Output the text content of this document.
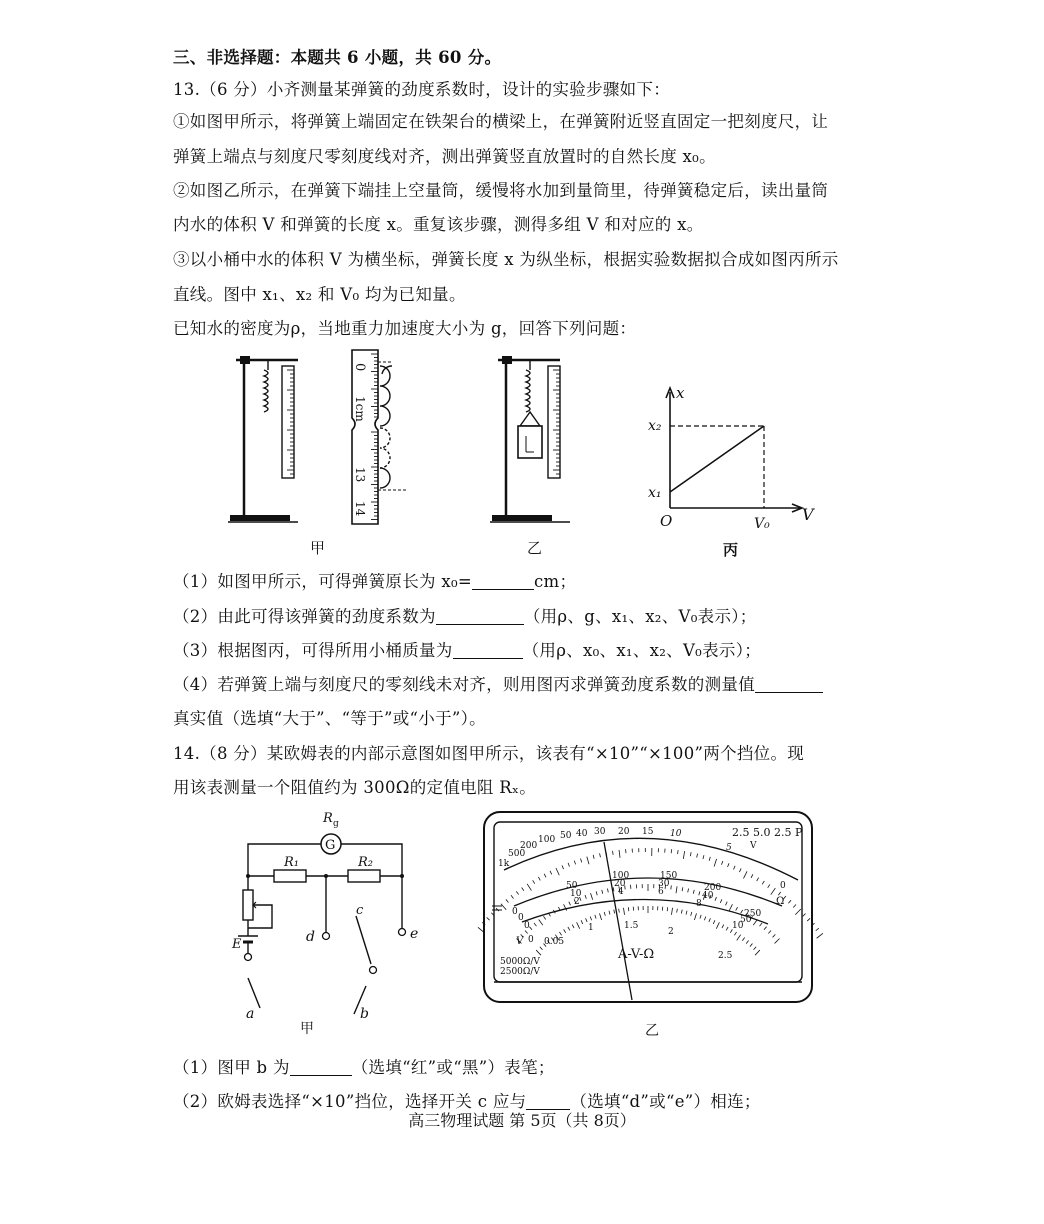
三、非选择题：本题共 6 小题，共 60 分。
13.（6 分）小齐测量某弹簧的劲度系数时，设计的实验步骤如下：
①如图甲所示，将弹簧上端固定在铁架台的横梁上，在弹簧附近竖直固定一把刻度尺，让
弹簧上端点与刻度尺零刻度线对齐，测出弹簧竖直放置时的自然长度 x₀。
②如图乙所示，在弹簧下端挂上空量筒，缓慢将水加到量筒里，待弹簧稳定后，读出量筒
内水的体积 V 和弹簧的长度 x。重复该步骤，测得多组 V 和对应的 x。
③以小桶中水的体积 V 为横坐标，弹簧长度 x 为纵坐标，根据实验数据拟合成如图丙所示
直线。图中 x₁、x₂ 和 V₀ 均为已知量。
已知水的密度为ρ，当地重力加速度大小为 g，回答下列问题：
甲
0
1cm
13
14
乙
x
V
x₂
x₁
O	V₀
丙
（1）如图甲所示，可得弹簧原长为 x₀=	cm；
（2）由此可得该弹簧的劲度系数为	（用ρ、g、x₁、x₂、V₀表示）；
（3）根据图丙，可得所用小桶质量为	（用ρ、x₀、x₁、x₂、V₀表示）；
（4）若弹簧上端与刻度尺的零刻线未对齐，则用图丙求弹簧劲度系数的测量值
真实值（选填“大于”、“等于”或“小于”）。
14.（8 分）某欧姆表的内部示意图如图甲所示，该表有“×10”“×100”两个挡位。现
用该表测量一个阻值约为 300Ω的定值电阻 Rₓ。
R g
G
R₁	R₂
E
a
d	e
c
b
甲
1k
500
200
100 50 40 30 20 15 10
5
0
2.5 5.0 2.5 P
V
Ω
0
50
100	150
200
250
0
10
20	30
40
50
0
2
4	6
8
10
0 0.05
1	1.5
2
2.5
A-V-Ω
5000Ω/V
2500Ω/V
V
乙
（1）图甲 b 为	（选填“红”或“黑”）表笔；
（2）欧姆表选择“×10”挡位，选择开关 c 应与	（选填“d”或“e”）相连；
高三物理试题 第 5页（共 8页）
